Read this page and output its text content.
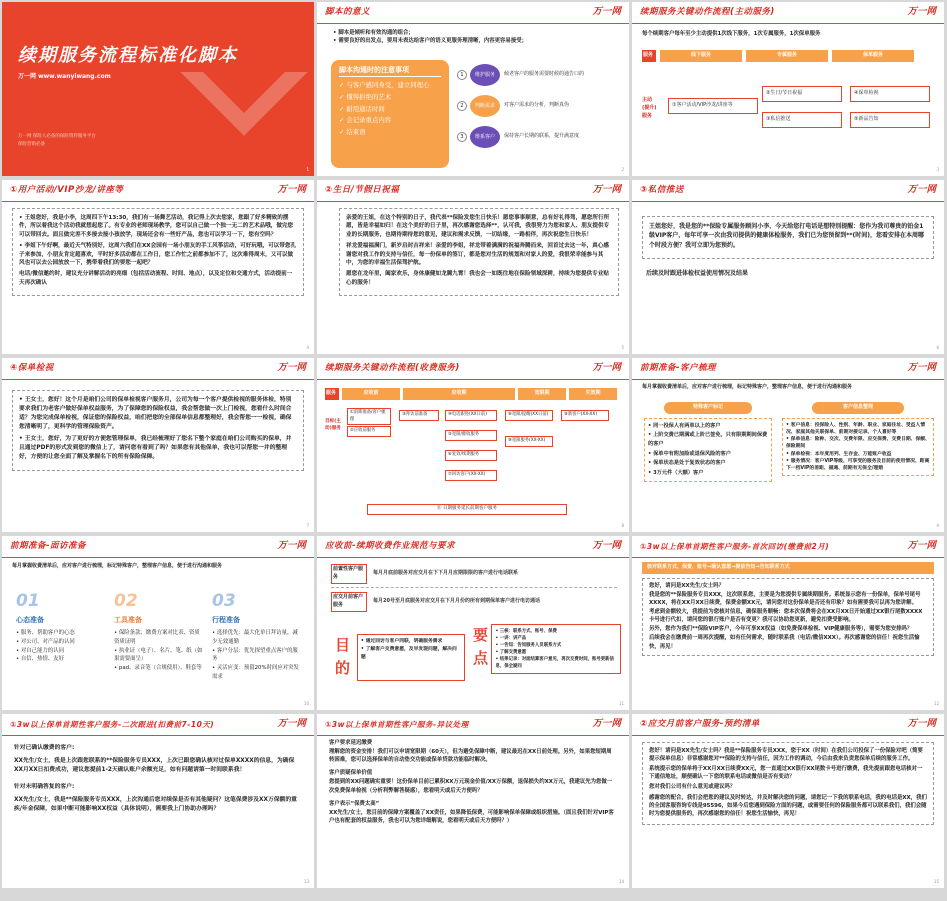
续期服务流程标准化脚本
万一网 www.wanyiwang.com
万一网 保险人必备的保险资料服务平台
保险营销必备
1
脚本的意义	万一网
• 脚本是倾听和有效沟通的组合；
• 需要良好的出发点，要用未表达给客户的语义更服务理清晰，内容更容易接受；
脚本沟通时的注意事项
✓ 与客户感同身受，建立同理心
✓ 懂得拒绝的艺术
✓ 耐用通话时间
✓ 会记录重点内容
✓ 结束语
1	维护服务	倾老客户的服务需要时候的通告口的
2	判断需求	对客户需求的分析，判断真伪
3	维系客户	保持客户长期的联系，提升满意度
2
续期服务关键动作流程(主动服务)	万一网
每个续期客户每年至少主动提供1次线下服务，1次专属服务，1次保单服务
服务	线下服务	专属服务	保单服务
主动(提升)服务
①客户活动/VIP沙龙/讲座等
②生日/节日祝福
③私信推送
④保单检视
⑤新品告知
3
①用户活动/VIP沙龙/讲座等	万一网

• 王姐您好，我是小李，这周四下午13:30，我们有一场舞艺活动，我记得上次去您家，您跟了好多精致的摆件，所以着我这个活动我就想起您了。有专业的老师现场教学，您可以自己做一个独一无二的艺术品哦，做完您可以带回去。面且做完差不多接去接小孩放学，现场还会有一些好产品，您也可以学习一下，您有空吗？

• 李姐下午好啊，最近天气特别好，这周六我们在XX会园有一场小朋友的手工风筝活动，可好玩哦，可以带您孔子来参加，小朋友肯定超喜欢，平时好多活动都在工作日，您工作忙之前都参加不了，这次难得周末，又可以做风也可以去公园放放一下，携带着我们的要您一起吧？

电话/微信邀约时，建议充分讲解活动的亮细（包括活动流程、时间、地点），以及定位和交通方式，活动提前一天再次确认

4
②生日/节假日祝福	万一网

亲爱的王姐，在这个特别的日子，我代表**保险发您生日快乐！愿您事事顺意，总有好礼得驾，愿您所行所愿，皆是幸福如归！在这个美好的日子里，再次感谢您选择**，认可我，我很努力为您和家人、朋友提供专业的长期服务，也期待期待您的意见，建议和需求反馈，一切结缘，一路相伴，再次祝您生日快乐！

祥龙爱福福满门，新岁启封吉祥来！亲爱的李姐，祥龙带着满满的祝福奔腾而来，回首过去这一年，真心感谢您对我工作的支持与信任，每一份保单的签订，都是您对生活的规划和对家人的爱，我很荣幸能参与其中，为您的幸福生活保驾护航。

愿您在龙年里，阖家欢乐，身体康健如龙腾九霄！我也会一如既往地在保险领域深耕，持续为您提供专业贴心的服务！

5
③私信推送	万一网

王姐您好，我是您的**保险专属服务顾问小李，今天给您打电话是想特别提醒：您作为我司尊贵的铂金1级VIP客户，每年可享一次由我司提供的健康体检服务，我们已为您预留到**(时间)，您看安排在本周哪个时段方便？我可立即为您预约。

后续及时跟进体检权益使用情况及结果
6
④保单检视	万一网

• 王女士，您好！这个月是咱们公司的保单检视客户服务月，公司为每一个客户提供检视的服务体检，特别要求我们为老客户做好保单权益服务，为了保障您的保险权益，我会帮您做一次上门检视，您看什么时间合适？为您完成保单检视，保证您的保险权益，咱们把您的全部保单信息都整理好，我会帮您一一检视，确保您清晰明了，更科学的管理保险资产。

• 王女士，您好，为了更好的方便您管理保单，我已经梳理好了您名下整个家庭在咱们公司购买的保单，并且通过PDF的形式发到您的微信上了，请问您有看到了吗？如果您有其他保单，我也可以帮您一并的整理好，方便的让您全面了解及掌握名下的所有保险保障。

7
续期服务关键动作流程(收费服务)	万一网
服务	应收前	应收期	宽限期	失效期
目标(主动)服务
①前期准备/客户梳理
②应收前服务
③拜访前准备	④电话跟进(XX日前)
⑤宽限/催收服务
⑥复效/续期服务
⑦回访客户(XX-XX)
⑧宽限/提醒(XX日前)
⑨宽限服务(XX-XX)
⑩新客户(XX-XX)
⑪ 日期服务延长前期客户服务
8
前期准备-客户梳理	万一网
每月掌握收费清单后，应对客户进行梳理，标记特殊客户，整理客户信息，便于进行沟通和服务
特殊客户标记
• 同一投保人有两单以上的客户
• 上阶交费已期满或上阶已签免，只有限期期间保费的客户
• 保单中有附加险或退保风险的客户
• 保单状态是处于复效状态的客户
• 3万元件（大额）客户
客户信息整理
• 客户信息：投保险人、性别、年龄、职业、家庭住址、受益人情况、家庭其他关联保单、前期对接记录、个人喜好等
• 保单信息：险种、交次、交费年限、应交保费、交费日期、保额、保险期间
• 保单检视：本年度用列、生存金、万能账户收益
• 服务情况：客户VIP等级、可享受的服务及目前的使用情况、距离下一档VIP的差距、福通、前期有无保全/理赔
9
前期准备-面访准备	万一网
每月掌握收费清单后，应对客户进行梳理，标记特殊客户，整理客户信息，便于进行沟通和服务
01
心态准备
• 服务、帮助客户的心态
• 对公司、对产品的认同
• 对自己能力的认同
• 自信、热情、友好
02
工具准备
• 保险条款、缴费方案对比表、资质资质证明
• 执业证（电子）、名片、笔、纸（如果需要面呈）
• pad、录音笔（合规使用）、鞋套等
03
行程准备
• 选择优先：最大化单日拜访量，减少无效通勤
• 客户分层：优先探望重点客户的服务
• 灵活应变：预留20%时间应对突发需求
10
应收前-续期收费作业规范与要求	万一网
前置性客户服务
每月月底前服务对应交月在下下月月应期限限的客户进行电话联系
应交月前客户服务
每月20号至月底服务对应交月在下月月份的所有到期保单客户进行电访通话
目的
• 通过回访与客户同联，明确服务需求
• 了解客户交费意愿，及早发现问题，解决问题
要点
• 三核：联系方式、账号、保费
• 一讲：讲产品
• 一告知：告知服务人员联系方式
• 了解交费意愿
• 结果记录：对面结算客户意见，再次交费时间，账号更新信息，保全疑问
11
①3w以上保单首期性客户服务-首次回访(缴费前2月)	万一网
核对联系方式、保费、账号→确认意愿→提前告知→告知联系方式

您好，请问是XX先生/女士吗？

我是您的**保险服务专员XXX，这次联系您，主要是为您提供专属续期服务。系统显示您有一份保单，保单号尾号XXXX，将在XX月XX日续费，保费金额XX元，请问您对这份保单是否还有印象？如有需要我可以再为您讲解。

考虑到金额较大，我提前为您核对信息，确保服务顺畅：您本次保费将会在XX月XX日开始通过XX银行尾数XXXX卡号进行代扣，请问您的银行账户是否有变更？我可以协助您更新，避免扣费受影响。

另外，您作为我们**保险VIP客户，今年可享XX权益（如免费保单检视、VIP健康服务等），需要为您安排吗？

后续我会在缴费前一周再次提醒，如有任何需求，随时联系我（电话/微信XXX）。再次感谢您的信任！祝您生活愉快，再见！

12
①3w以上保单首期性客户服务-二次跟进(扣费前7-10天)	万一网

针对已确认缴费的客户:

XX先生/女士，我是上次跟您联系的**保险服务专员XXX，上次已跟您确认核对过保单XXXX的信息，为确保XX月XX日扣费成功，建议您提前1-2天确认账户余额充足，如有问题请第一时间联系我！

针对未明确答复的客户:

XX先生/女士，我是**保险服务专员XXX，上次沟通后您对续保是否有其他疑问？这笔保费涉及XX万保额的重疾/年金保障，如果中断可能影响XX权益（具体说明），需要我上门协助办理吗？

13
①3w以上保单首期性客户服务-异议处理	万一网

客户要求延迟缴费

理解您的资金安排！我们可以申请宽限期（60天），但为避免保障中断，建议最迟在XX日前处理。另外，如果您短期周转困难，您可以选择保单的自动垫交功能或保单贷款功能临时解决。

客户质疑保单价值

您提到的XX问题确实重要！这份保单目前已累积XX万元现金价值/XX万保额，退保损失约XX万元，我建议先为您做一次免费保单检视（分析利弊解答疑惑），您看明天或后天方便吗？

客户表示“保费太高”

XX先生/女士，您目前的保障方案覆盖了XX责任，如果降低保费，可能影响保单保障或组织措施。（面且我们针对VIP客户也有配套的权益服务，我也可以为您详细解说，您看明天或后天方便吗？）

14
②应交月前客户服务-预约清单	万一网

您好！请问是XX先生/女士吗？我是**保险服务专员XXX，您于XX（时间）在我们公司投保了一份保险对吧（简要提示保单信息）非常感谢您对**保险的支持与信任，因为工作的调动，今后由我来负责您保单后续的服务工作。

系统提示您的保单将于XX月XX日续费XX元，您一直通过XX银行XX尾数卡号进行缴费，我先提前跟您电话核对一下通信地址，顺便确认一下您的联系电话或微信是否有变动？

您对我们公司有什么意见或建议吗？

感谢您的配合，我们会把您的建议及时转达，并及时解决您的问题，请您记一下我的联系电话，我的电话是XX，我们的全国客服咨询专线是95596，如果今后您遇到保险方面的问题，或需要任何的保险服务都可以联系我们，我们会随时为您提供服务的，再次感谢您的信任！祝您生活愉快，再见！

15
